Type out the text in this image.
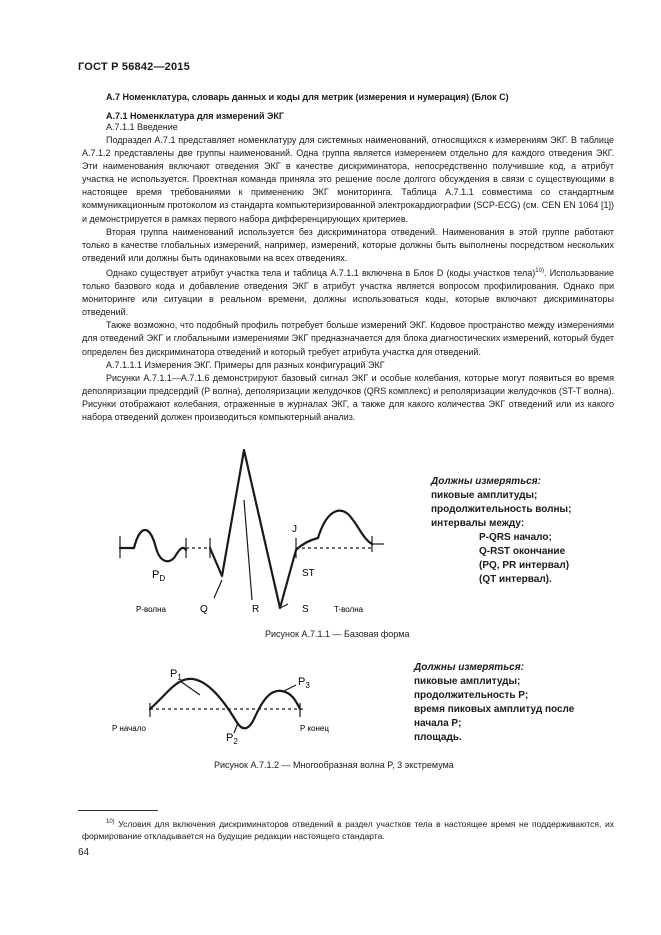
ГОСТ Р 56842—2015
А.7 Номенклатура, словарь данных и коды для метрик (измерения и нумерация) (Блок С)
А.7.1 Номенклатура для измерений ЭКГ
А.7.1.1 Введение

Подраздел А.7.1 представляет номенклатуру для системных наименований, относящихся к измерениям ЭКГ. В таблице А.7.1.2 представлены две группы наименований. Одна группа является измерением отдельно для каждого отведения ЭКГ. Эти наименования включают отведения ЭКГ в качестве дискриминатора, непосредственно получившие код, а атрибут участка не используется. Проектная команда приняла это решение после долгого обсуждения в связи с существующими в настоящее время требованиями к применению ЭКГ мониторинга. Таблица А.7.1.1 совместима со стандартным коммуникационным протоколом из стандарта компьютеризированной электрокардиографии (SCP-ECG) (см. CEN EN 1064 [1]) и демонстрируется в рамках первого набора дифференцирующих критериев.

Вторая группа наименований используется без дискриминатора отведений. Наименования в этой группе работают только в качестве глобальных измерений, например, измерений, которые должны быть выполнены посредством нескольких отведений или должны быть одинаковыми на всех отведениях.

Однако существует атрибут участка тела и таблица А.7.1.1 включена в Блок D (коды участков тела)$^{10)}$. Использование только базового кода и добавление отведения ЭКГ в атрибут участка является вопросом профилирования. Однако при мониторинге или ситуации в реальном времени, должны использоваться коды, которые включают дискриминаторы отведений.

Также возможно, что подобный профиль потребует больше измерений ЭКГ. Кодовое пространство между измерениями для отведений ЭКГ и глобальными измерениями ЭКГ предназначается для блока диагностических измерений, который будет определен без дискриминатора отведений и который требует атрибута участка для отведений.

А.7.1.1.1 Измерения ЭКГ. Примеры для разных конфигураций ЭКГ

Рисунки А.7.1.1—А.7.1.6 демонстрируют базовый сигнал ЭКГ и особые колебания, которые могут появиться во время деполяризации предсердий (Р волна), деполяризации желудочков (QRS комплекс) и реполяризации желудочков (ST-T волна). Рисунки отображают колебания, отраженные в журналах ЭКГ, а также для какого количества ЭКГ отведений или из какого набора отведений должен производиться компьютерный анализ.

$P_D$
Q	R	S
J
ST
P-волна	T-волна
Должны измеряться:
пиковые амплитуды;
продолжительность волны;
интервалы между:
P-QRS начало;
Q-RST окончание
(PQ, PR интервал)
(QT интервал).
Рисунок А.7.1.1 — Базовая форма
$P_1$
$P_2$
$P_3$
P начало	P конец
Должны измеряться:
пиковые амплитуды;
продолжительность P;
время пиковых амплитуд после
начала P;
площадь.
Рисунок А.7.1.2 — Многообразная волна P, 3 экстремума
$^{10)}$ Условия для включения дискриминаторов отведений в раздел участков тела в настоящее время не поддерживаются, их формирование откладывается на будущие редакции настоящего стандарта.
64
